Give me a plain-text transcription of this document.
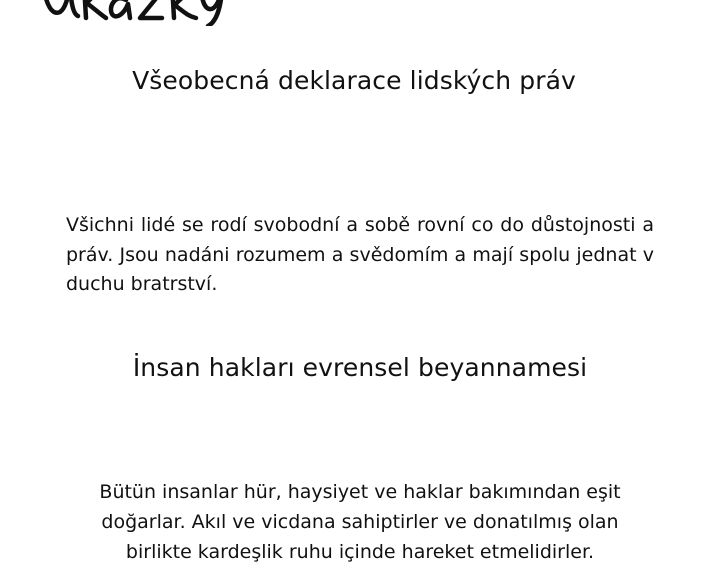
Všeobecná deklarace lidských práv

Všichni lidé se rodí svobodní a sobě rovní co do důstojnosti a práv. Jsou nadáni rozumem a svědomím a mají spolu jednat v duchu bratrství.

İnsan hakları evrensel beyannamesi

Bütün insanlar hür, haysiyet ve haklar bakımından eşit doğarlar. Akıl ve vicdana sahiptirler ve donatılmış olan birlikte kardeşlik ruhu içinde hareket etmelidirler.
